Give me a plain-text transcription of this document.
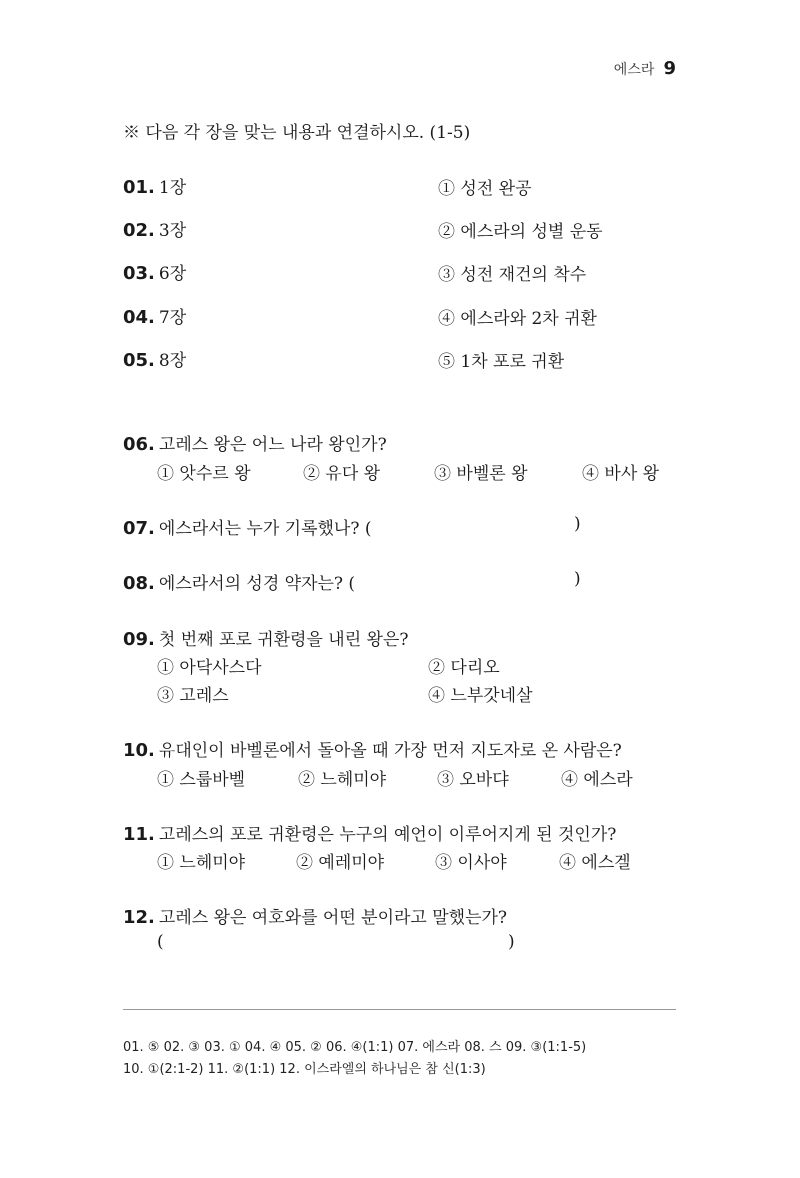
에스라 9
※ 다음 각 장을 맞는 내용과 연결하시오. (1-5)
01. 1장	① 성전 완공
02. 3장	② 에스라의 성별 운동
03. 6장	③ 성전 재건의 착수
04. 7장	④ 에스라와 2차 귀환
05. 8장	⑤ 1차 포로 귀환
06. 고레스 왕은 어느 나라 왕인가?
① 앗수르 왕	② 유다 왕	③ 바벨론 왕	④ 바사 왕
07. 에스라서는 누가 기록했나? (	)
08. 에스라서의 성경 약자는? (	)
09. 첫 번째 포로 귀환령을 내린 왕은?
① 아닥사스다	② 다리오
③ 고레스	④ 느부갓네살
10. 유대인이 바벨론에서 돌아올 때 가장 먼저 지도자로 온 사람은?
① 스룹바벨	② 느헤미야	③ 오바댜	④ 에스라
11. 고레스의 포로 귀환령은 누구의 예언이 이루어지게 된 것인가?
① 느헤미야	② 예레미야	③ 이사야	④ 에스겔
12. 고레스 왕은 여호와를 어떤 분이라고 말했는가?
(	)
01. ⑤ 02. ③ 03. ① 04. ④ 05. ② 06. ④(1:1) 07. 에스라 08. 스 09. ③(1:1-5)
10. ①(2:1-2) 11. ②(1:1) 12. 이스라엘의 하나님은 참 신(1:3)
